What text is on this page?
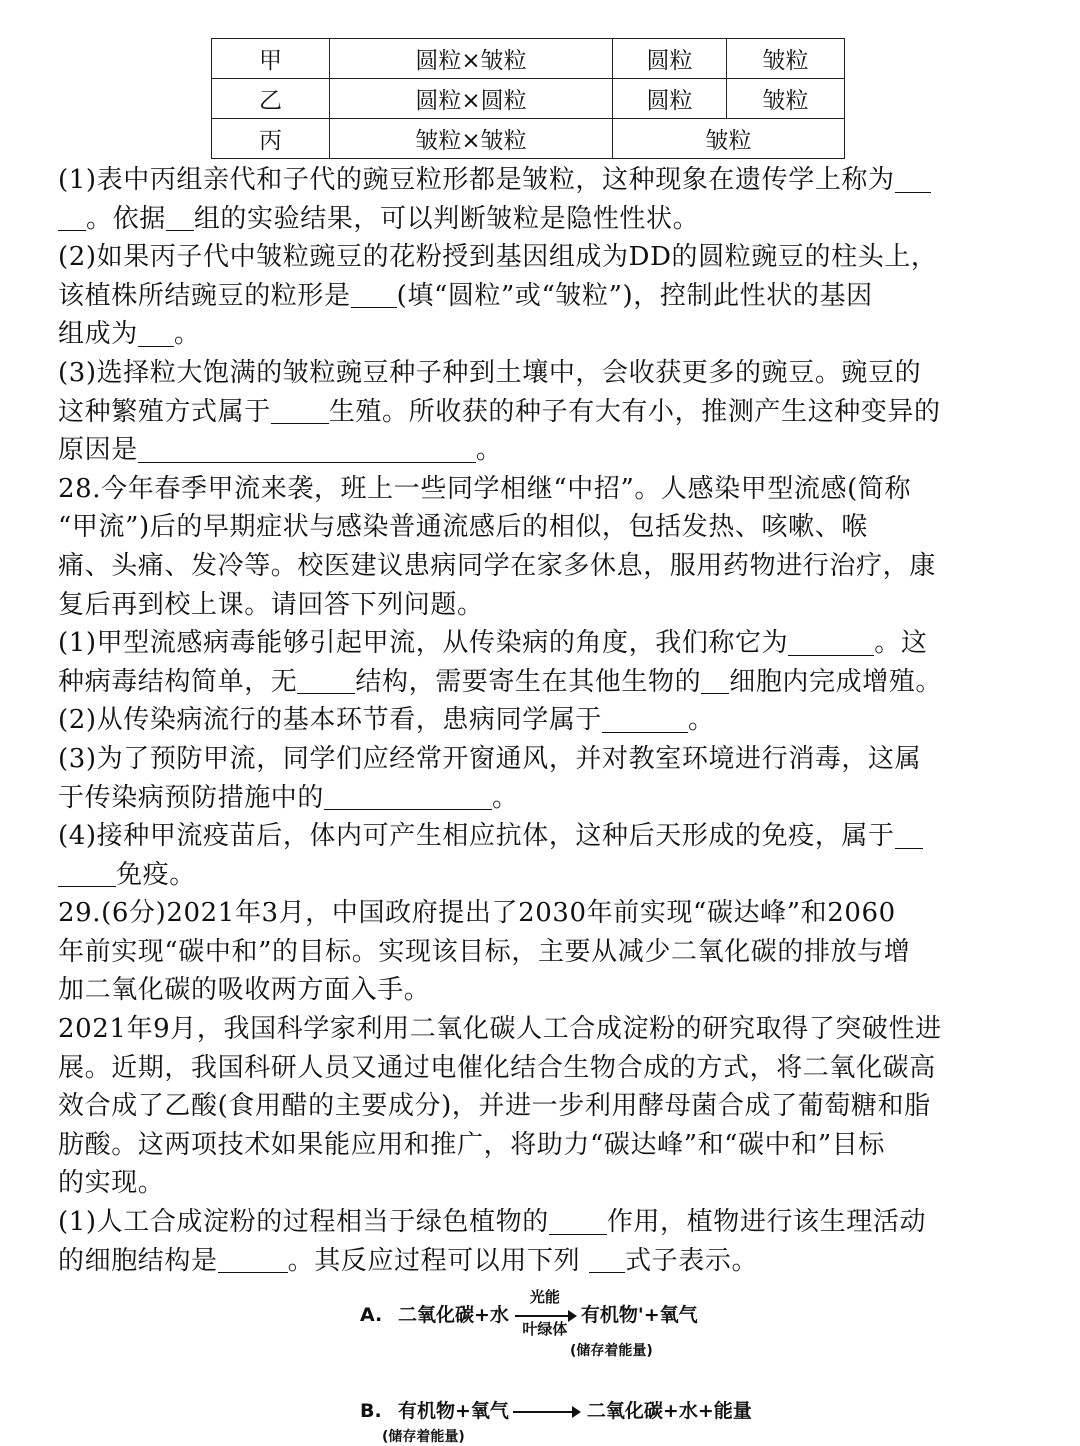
甲	圆粒×皱粒	圆粒	皱粒
乙	圆粒×圆粒	圆粒	皱粒
丙	皱粒×皱粒	皱粒	

(1)表中丙组亲代和子代的豌豆粒形都是皱粒，这种现象在遗传学上称为

。依据 组的实验结果，可以判断皱粒是隐性性状。

(2)如果丙子代中皱粒豌豆的花粉授到基因组成为DD的圆粒豌豆的柱头上，

该植株所结豌豆的粒形是 (填“圆粒”或“皱粒”)，控制此性状的基因

组成为 。

(3)选择粒大饱满的皱粒豌豆种子种到土壤中，会收获更多的豌豆。豌豆的

这种繁殖方式属于 生殖。所收获的种子有大有小，推测产生这种变异的

原因是	。

28.今年春季甲流来袭，班上一些同学相继“中招”。人感染甲型流感(简称

“甲流”)后的早期症状与感染普通流感后的相似，包括发热、咳嗽、喉

痛、头痛、发冷等。校医建议患病同学在家多休息，服用药物进行治疗，康

复后再到校上课。请回答下列问题。

(1)甲型流感病毒能够引起甲流，从传染病的角度，我们称它为	。这

种病毒结构简单，无 结构，需要寄生在其他生物的 细胞内完成增殖。

(2)从传染病流行的基本环节看，患病同学属于	。

(3)为了预防甲流，同学们应经常开窗通风，并对教室环境进行消毒，这属

于传染病预防措施中的	。

(4)接种甲流疫苗后，体内可产生相应抗体，这种后天形成的免疫，属于

免疫。

29.(6分)2021年3月，中国政府提出了2030年前实现“碳达峰”和2060

年前实现“碳中和”的目标。实现该目标，主要从减少二氧化碳的排放与增

加二氧化碳的吸收两方面入手。

2021年9月，我国科学家利用二氧化碳人工合成淀粉的研究取得了突破性进

展。近期，我国科研人员又通过电催化结合生物合成的方式，将二氧化碳高

效合成了乙酸(食用醋的主要成分)，并进一步利用酵母菌合成了葡萄糖和脂

肪酸。这两项技术如果能应用和推广，将助力“碳达峰”和“碳中和”目标

的实现。

(1)人工合成淀粉的过程相当于绿色植物的 作用，植物进行该生理活动

的细胞结构是	。其反应过程可以用下列 式子表示。

A. 二氧化碳+水
光能
叶绿体
有机物'+氧气
(储存着能量)
B. 有机物+氧气	二氧化碳+水+能量
(储存着能量)
